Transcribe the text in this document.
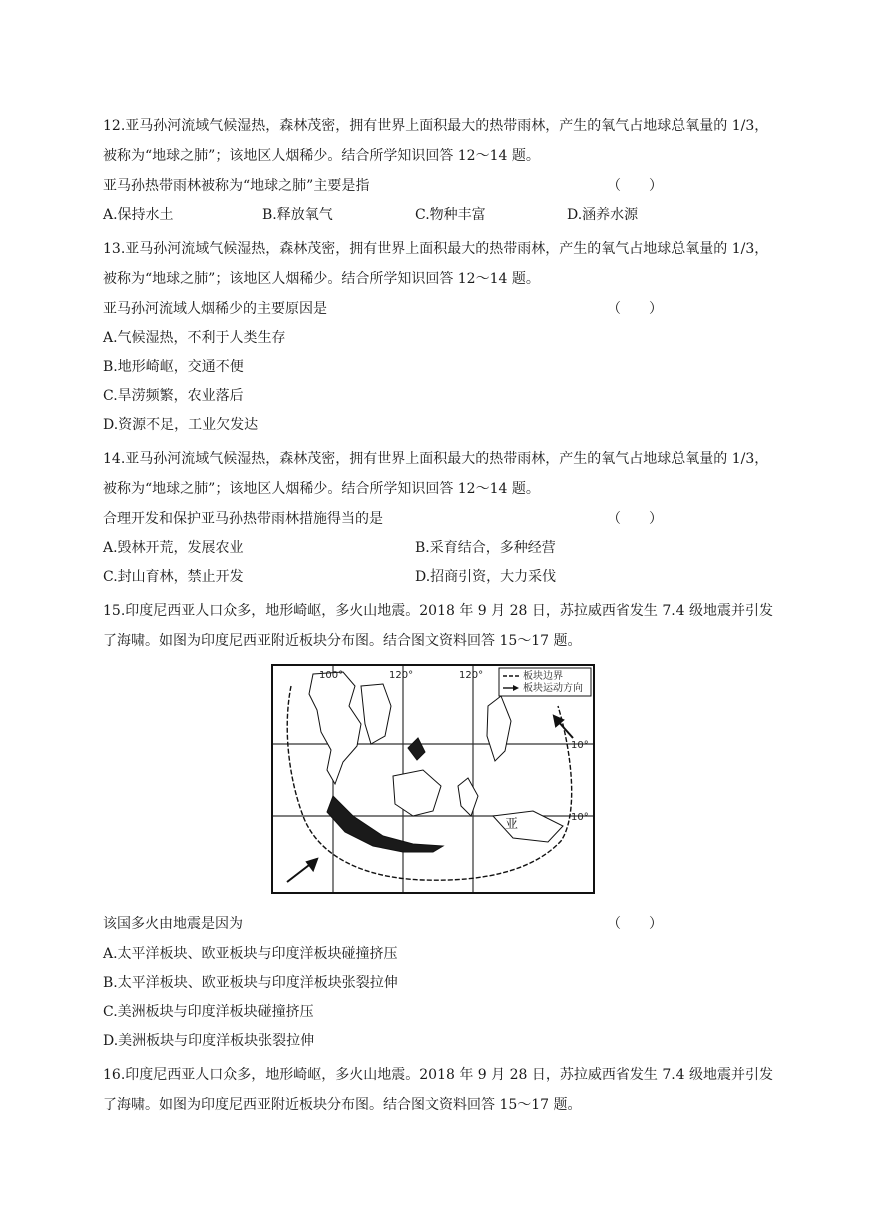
12.亚马孙河流域气候湿热，森林茂密，拥有世界上面积最大的热带雨林，产生的氧气占地球总氧量的 1/3，
被称为“地球之肺”；该地区人烟稀少。结合所学知识回答 12～14 题。
亚马孙热带雨林被称为“地球之肺”主要是指	（　　）
A.保持水土	B.释放氧气	C.物种丰富	D.涵养水源
13.亚马孙河流域气候湿热，森林茂密，拥有世界上面积最大的热带雨林，产生的氧气占地球总氧量的 1/3，
被称为“地球之肺”；该地区人烟稀少。结合所学知识回答 12～14 题。
亚马孙河流域人烟稀少的主要原因是	（　　）
A.气候湿热，不利于人类生存
B.地形崎岖，交通不便
C.旱涝频繁，农业落后
D.资源不足，工业欠发达
14.亚马孙河流域气候湿热，森林茂密，拥有世界上面积最大的热带雨林，产生的氧气占地球总氧量的 1/3，
被称为“地球之肺”；该地区人烟稀少。结合所学知识回答 12～14 题。
合理开发和保护亚马孙热带雨林措施得当的是	（　　）
A.毁林开荒，发展农业	B.采育结合，多种经营
C.封山育林，禁止开发	D.招商引资，大力采伐
15.印度尼西亚人口众多，地形崎岖，多火山地震。2018 年 9 月 28 日，苏拉威西省发生 7.4 级地震并引发
了海啸。如图为印度尼西亚附近板块分布图。结合图文资料回答 15～17 题。
板块边界
板块运动方向
100°	120°	120°
10°
10°
亚
该国多火由地震是因为	（　　）
A.太平洋板块、欧亚板块与印度洋板块碰撞挤压
B.太平洋板块、欧亚板块与印度洋板块张裂拉伸
C.美洲板块与印度洋板块碰撞挤压
D.美洲板块与印度洋板块张裂拉伸
16.印度尼西亚人口众多，地形崎岖，多火山地震。2018 年 9 月 28 日，苏拉威西省发生 7.4 级地震并引发
了海啸。如图为印度尼西亚附近板块分布图。结合图文资料回答 15～17 题。
